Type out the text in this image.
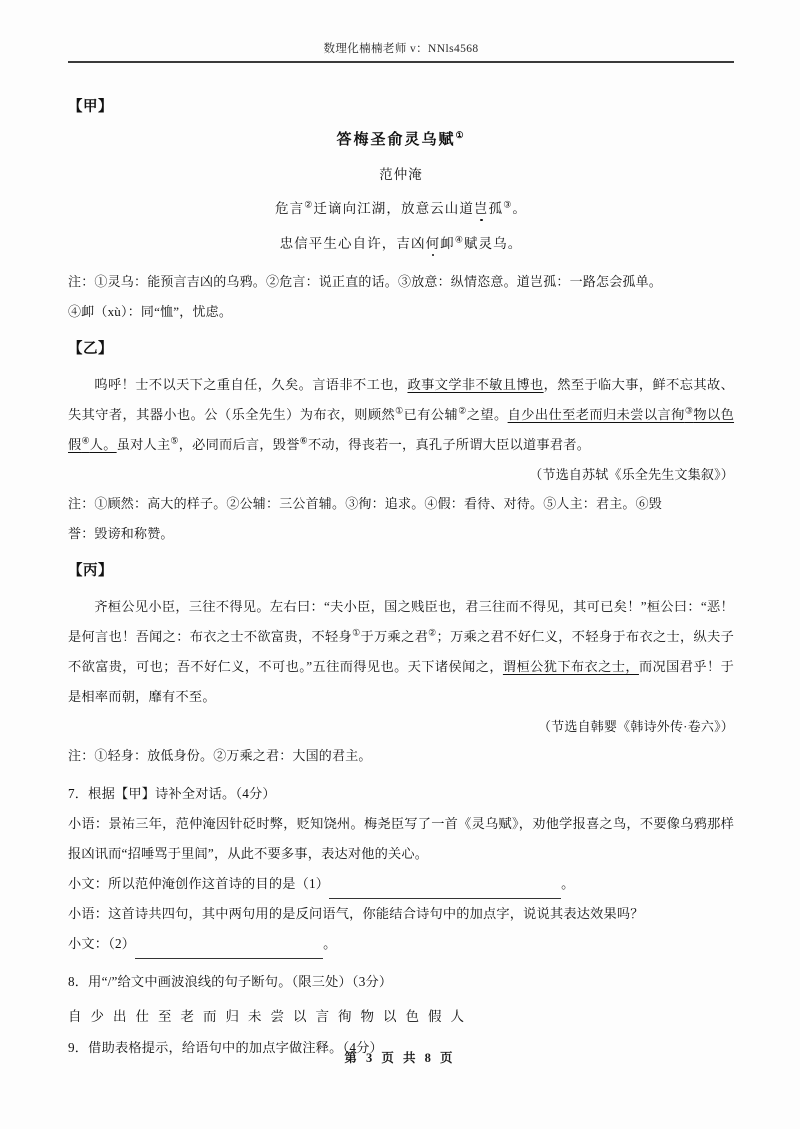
数理化楠楠老师 v：NNls4568
【甲】
答梅圣俞灵乌赋①
范仲淹
危言②迁谪向江湖，放意云山道岂孤③。
忠信平生心自许，吉凶何卹④赋灵乌。
注：①灵乌：能预言吉凶的乌鸦。②危言：说正直的话。③放意：纵情恣意。道岂孤：一路怎会孤单。
④卹（xù）：同“恤”，忧虑。
【乙】

呜呼！士不以天下之重自任，久矣。言语非不工也，政事文学非不敏且博也，然至于临大事，鲜不忘其故、失其守者，其器小也。公（乐全先生）为布衣，则顾然①已有公辅②之望。自少出仕至老而归未尝以言徇③物以色假④人。虽对人主⑤，必同而后言，毁誉⑥不动，得丧若一，真孔子所谓大臣以道事君者。

（节选自苏轼《乐全先生文集叙》）
注：①顾然：高大的样子。②公辅：三公首辅。③徇：追求。④假：看待、对待。⑤人主：君主。⑥毁
誉：毁谤和称赞。
【丙】

齐桓公见小臣，三往不得见。左右曰：“夫小臣，国之贱臣也，君三往而不得见，其可已矣！”桓公曰：“恶！是何言也！吾闻之：布衣之士不欲富贵，不轻身①于万乘之君②；万乘之君不好仁义，不轻身于布衣之士，纵夫子不欲富贵，可也；吾不好仁义，不可也。”五往而得见也。天下诸侯闻之，谓桓公犹下布衣之士，而况国君乎！于是相率而朝，靡有不至。

（节选自韩婴《韩诗外传·卷六》）
注：①轻身：放低身份。②万乘之君：大国的君主。
7．根据【甲】诗补全对话。（4分）

小语：景祐三年，范仲淹因针砭时弊，贬知饶州。梅尧臣写了一首《灵乌赋》，劝他学报喜之鸟，不要像乌鸦那样报凶讯而“招唾骂于里闾”，从此不要多事，表达对他的关心。

小文：所以范仲淹创作这首诗的目的是（1）	。

小语：这首诗共四句，其中两句用的是反问语气，你能结合诗句中的加点字，说说其表达效果吗？

小文：（2）	。

8．用“/”给文中画波浪线的句子断句。（限三处）（3分）
自少出仕至老而归未尝以言徇物以色假人
9．借助表格提示，给语句中的加点字做注释。（4分）
第 3 页 共 8 页
